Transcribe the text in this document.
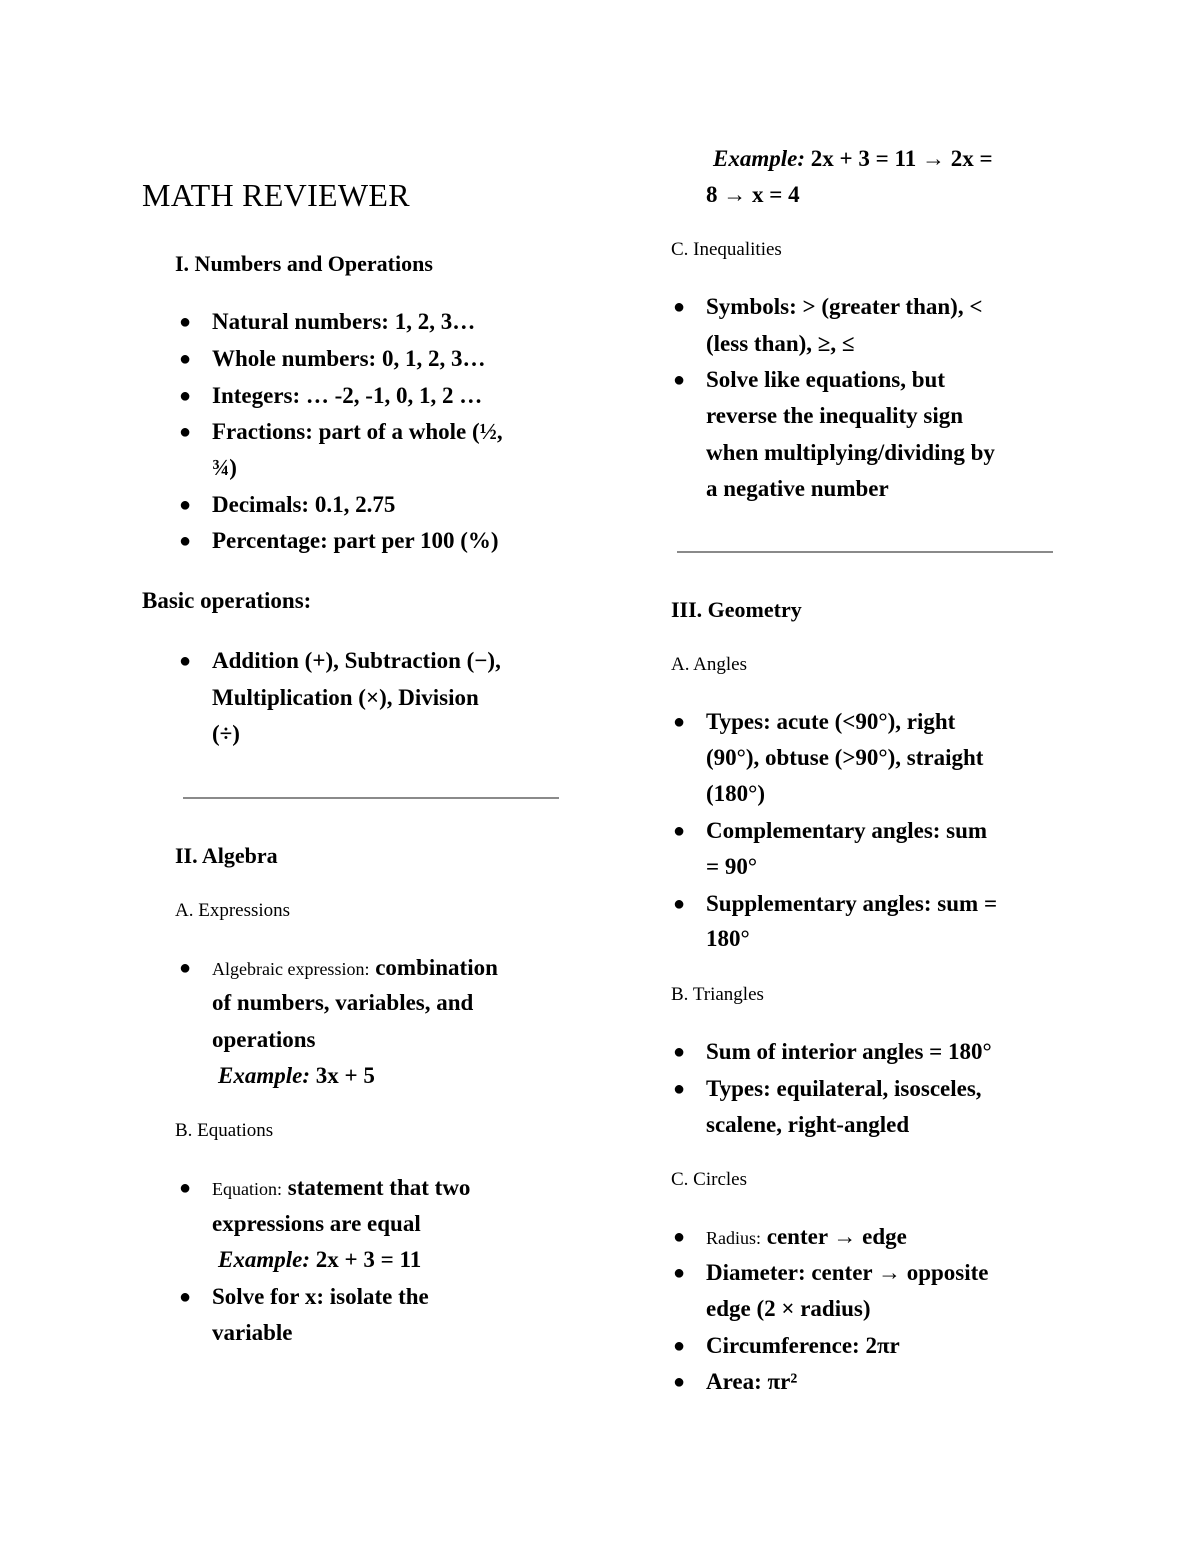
MATH REVIEWER
I. Numbers and Operations
● Natural numbers: 1, 2, 3…
● Whole numbers: 0, 1, 2, 3…
● Integers: … -2, -1, 0, 1, 2 …
● Fractions: part of a whole (½,
¾)
● Decimals: 0.1, 2.75
● Percentage: part per 100 (%)
Basic operations:
● Addition (+), Subtraction (−),
Multiplication (×), Division
(÷)
II. Algebra
A. Expressions
● Algebraic expression: combination
of numbers, variables, and
operations
Example: 3x + 5
B. Equations
● Equation: statement that two
expressions are equal
Example: 2x + 3 = 11
● Solve for x: isolate the
variable
Example: 2x + 3 = 11 → 2x =
8 → x = 4
C. Inequalities
● Symbols: > (greater than), <
(less than), ≥, ≤
● Solve like equations, but
reverse the inequality sign
when multiplying/dividing by
a negative number
III. Geometry
A. Angles
● Types: acute (<90°), right
(90°), obtuse (>90°), straight
(180°)
● Complementary angles: sum
= 90°
● Supplementary angles: sum =
180°
B. Triangles
● Sum of interior angles = 180°
● Types: equilateral, isosceles,
scalene, right-angled
C. Circles
● Radius: center → edge
● Diameter: center → opposite
edge (2 × radius)
● Circumference: 2πr
● Area: πr²
